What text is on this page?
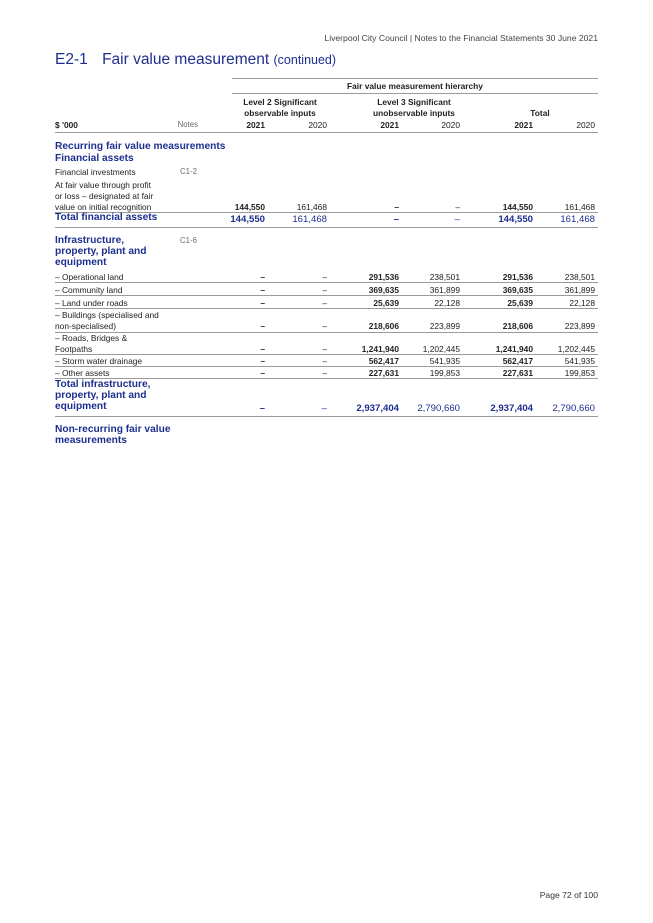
Liverpool City Council | Notes to the Financial Statements 30 June 2021
E2-1 Fair value measurement (continued)
Fair value measurement hierarchy
Level 2 Significant
observable inputs
Level 3 Significant
unobservable inputs	Total
$ '000	Notes	2021	2020	2021	2020	2021	2020
Recurring fair value measurements
Financial assets
Financial investments	C1-2
At fair value through profit
or loss – designated at fair
value on initial recognition	144,550	161,468	–	–	144,550	161,468
Total financial assets	144,550	161,468	–	–	144,550	161,468
Infrastructure,
property, plant and
equipment
C1-6
– Operational land	–	–	291,536	238,501	291,536	238,501
– Community land	–	–	369,635	361,899	369,635	361,899
– Land under roads	–	–	25,639	22,128	25,639	22,128
– Buildings (specialised and
non-specialised)	–	–	218,606	223,899	218,606	223,899
– Roads, Bridges &
Footpaths	–	–	1,241,940	1,202,445	1,241,940	1,202,445
– Storm water drainage	–	–	562,417	541,935	562,417	541,935
– Other assets	–	–	227,631	199,853	227,631	199,853
Total infrastructure,
property, plant and
equipment	–	–	2,937,404	2,790,660	2,937,404	2,790,660
Non-recurring fair value
measurements
Page 72 of 100
